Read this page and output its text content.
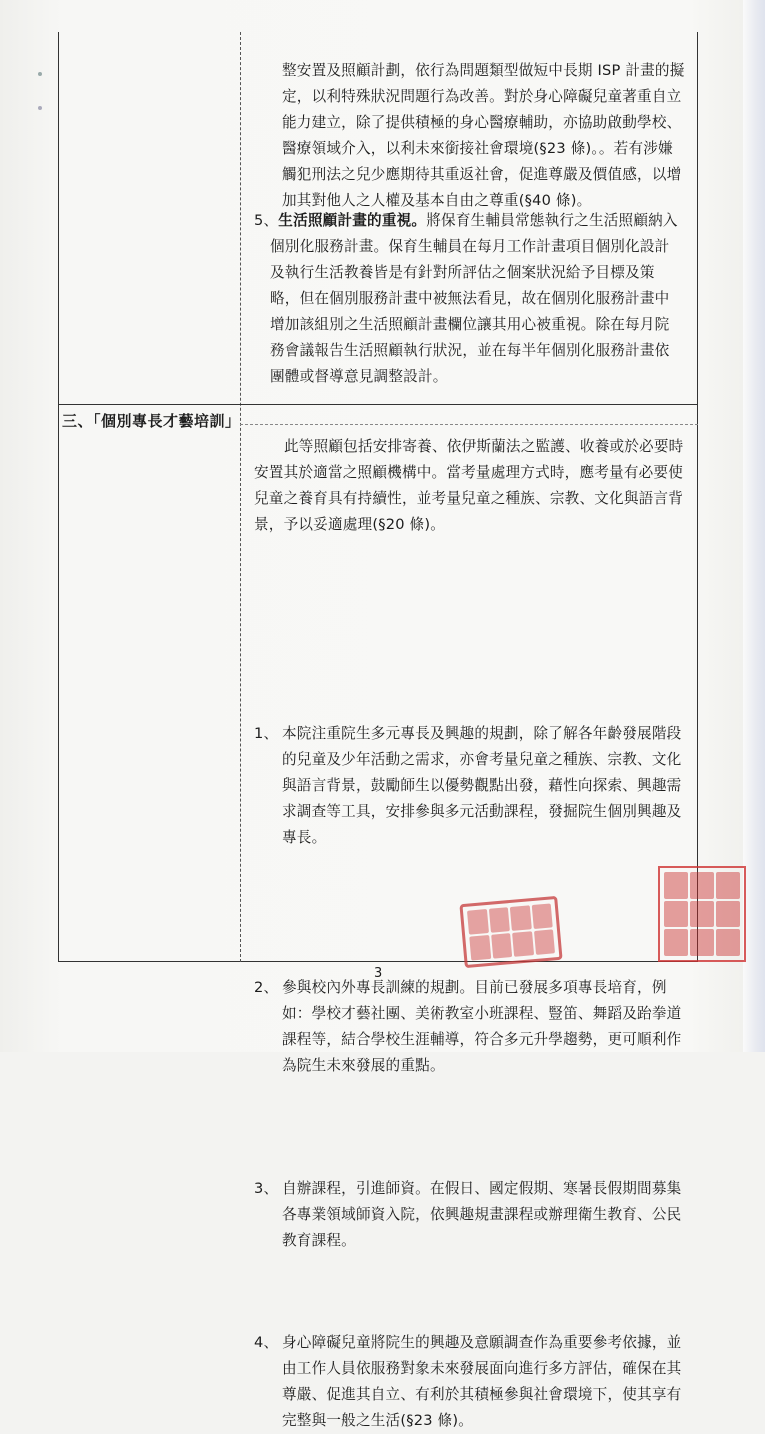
整安置及照顧計劃，依行為問題類型做短中長期 ISP 計畫的擬
定，以利特殊狀況問題行為改善。對於身心障礙兒童著重自立
能力建立，除了提供積極的身心醫療輔助，亦協助啟動學校、
醫療領域介入，以利未來銜接社會環境(§23 條)。。若有涉嫌
觸犯刑法之兒少應期待其重返社會，促進尊嚴及價值感，以增
加其對他人之人權及基本自由之尊重(§40 條)。
5、生活照顧計畫的重視。將保育生輔員常態執行之生活照顧納入
個別化服務計畫。保育生輔員在每月工作計畫項目個別化設計
及執行生活教養皆是有針對所評估之個案狀況給予目標及策
略，但在個別服務計畫中被無法看見，故在個別化服務計畫中
增加該組別之生活照顧計畫欄位讓其用心被重視。除在每月院
務會議報告生活照顧執行狀況，並在每半年個別化服務計畫依
團體或督導意見調整設計。
三、「個別專長才藝培訓」
此等照顧包括安排寄養、依伊斯蘭法之監護、收養或於必要時
安置其於適當之照顧機構中。當考量處理方式時，應考量有必要使
兒童之養育具有持續性，並考量兒童之種族、宗教、文化與語言背
景，予以妥適處理(§20 條)。
1、 本院注重院生多元專長及興趣的規劃，除了解各年齡發展階段
的兒童及少年活動之需求，亦會考量兒童之種族、宗教、文化
與語言背景，鼓勵師生以優勢觀點出發，藉性向探索、興趣需
求調查等工具，安排參與多元活動課程，發掘院生個別興趣及
專長。
2、 參與校內外專長訓練的規劃。目前已發展多項專長培育，例
如：學校才藝社團、美術教室小班課程、豎笛、舞蹈及跆拳道
課程等，結合學校生涯輔導，符合多元升學趨勢，更可順利作
為院生未來發展的重點。
3、 自辦課程，引進師資。在假日、國定假期、寒暑長假期間募集
各專業領域師資入院，依興趣規畫課程或辦理衛生教育、公民
教育課程。
4、 身心障礙兒童將院生的興趣及意願調查作為重要參考依據，並
由工作人員依服務對象未來發展面向進行多方評估，確保在其
尊嚴、促進其自立、有利於其積極參與社會環境下，使其享有
完整與一般之生活(§23 條)。
3
